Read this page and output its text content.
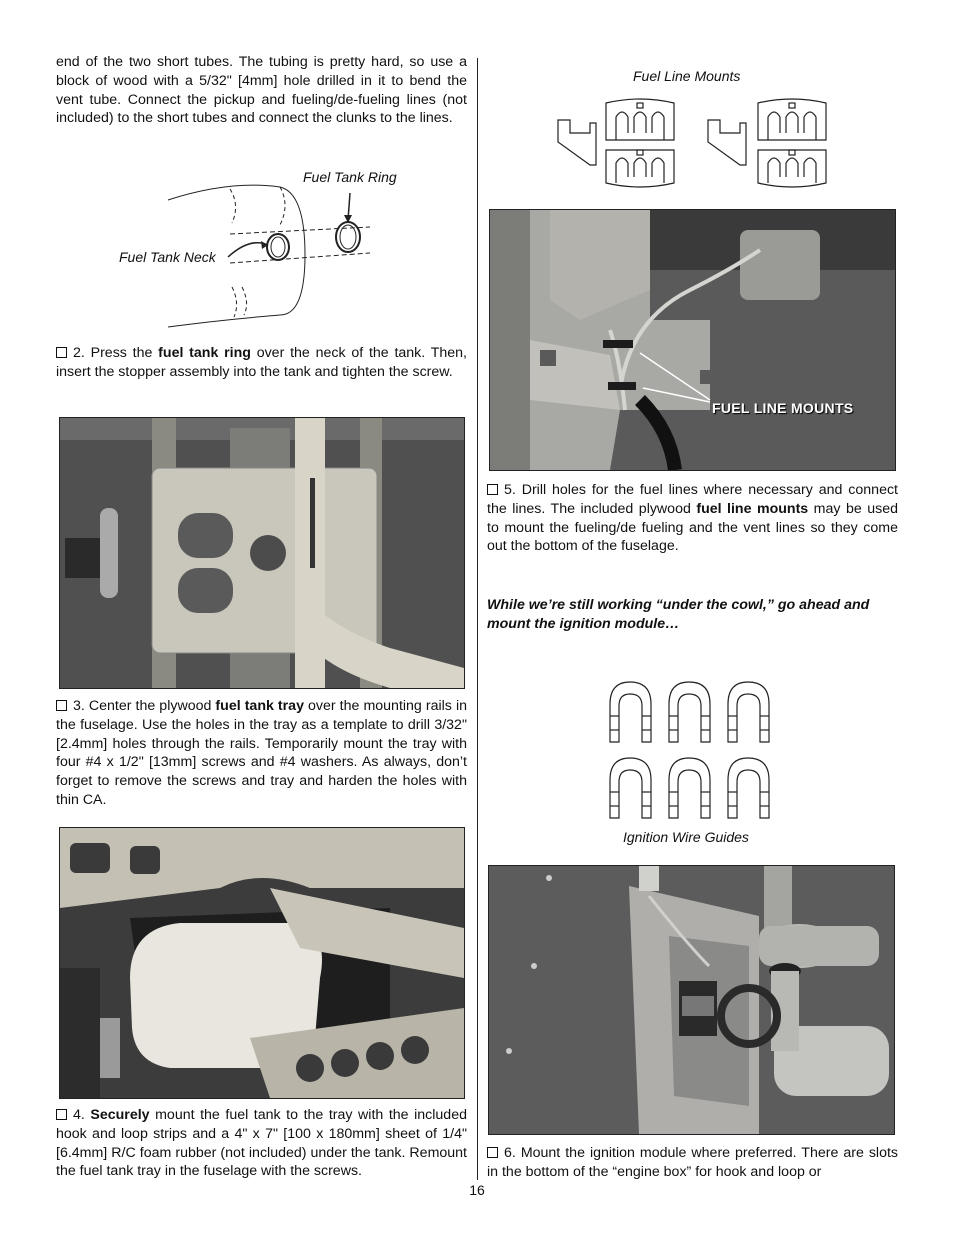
end of the two short tubes. The tubing is pretty hard, so use a block of wood with a 5/32" [4mm] hole drilled in it to bend the vent tube. Connect the pickup and fueling/de-fueling lines (not included) to the short tubes and connect the clunks to the lines.

Fuel Tank Ring
Fuel Tank Neck

2. Press the fuel tank ring over the neck of the tank. Then, insert the stopper assembly into the tank and tighten the screw.

3. Center the plywood fuel tank tray over the mounting rails in the fuselage. Use the holes in the tray as a template to drill 3/32" [2.4mm] holes through the rails. Temporarily mount the tray with four #4 x 1/2" [13mm] screws and #4 washers. As always, don’t forget to remove the screws and tray and harden the holes with thin CA.

4. Securely mount the fuel tank to the tray with the included hook and loop strips and a 4" x 7" [100 x 180mm] sheet of 1/4" [6.4mm] R/C foam rubber (not included) under the tank. Remount the fuel tank tray in the fuselage with the screws.

Fuel Line Mounts
FUEL LINE MOUNTS

5. Drill holes for the fuel lines where necessary and connect the lines. The included plywood fuel line mounts may be used to mount the fueling/de fueling and the vent lines so they come out the bottom of the fuselage.

While we’re still working “under the cowl,” go ahead and mount the ignition module…

Ignition Wire Guides

6. Mount the ignition module where preferred. There are slots in the bottom of the “engine box” for hook and loop or

16
